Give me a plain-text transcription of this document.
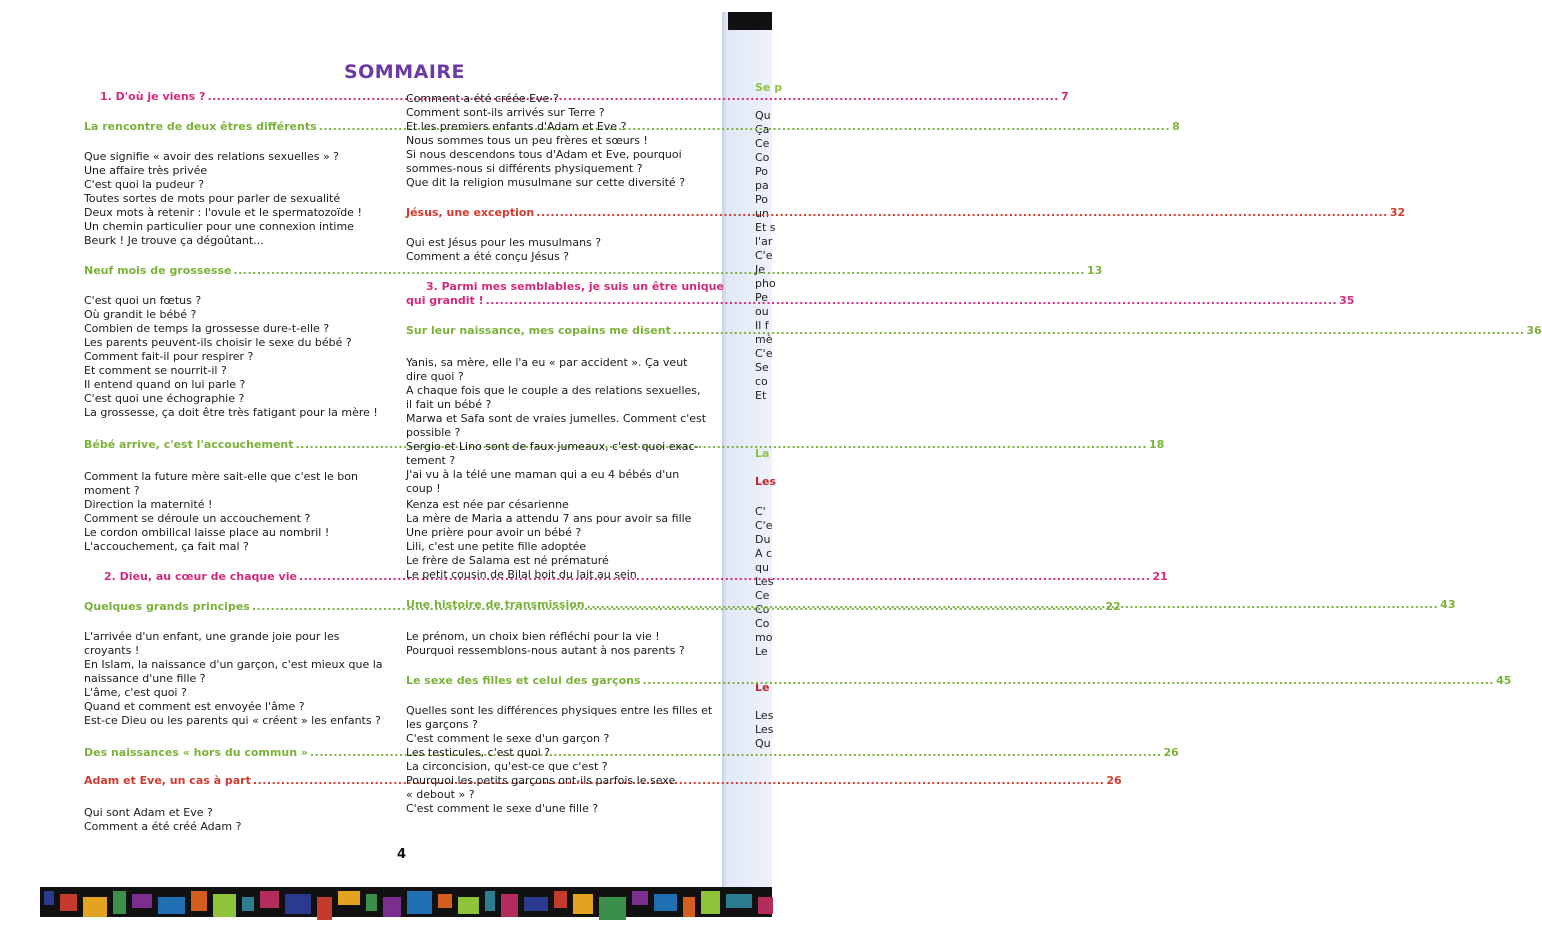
Se p
Qu
Ça
Ce
Co
Po
pa
Po
un
Et s
l'ar
C'e
Je
pho
Pe
ou
Il f
mè
C'e
Se
co
Et
La
Les
C'
C'e
Du
A c
qu
Les
Ce
Co
Co
mo
Le
Le
Les
Les
Qu
SOMMAIRE
1. D'où je viens ? .....	7
La rencontre de deux êtres différents .....	8
Que signifie « avoir des relations sexuelles » ?
Une affaire très privée
C'est quoi la pudeur ?
Toutes sortes de mots pour parler de sexualité
Deux mots à retenir : l'ovule et le spermatozoïde !
Un chemin particulier pour une connexion intime
Beurk ! Je trouve ça dégoûtant...
Neuf mois de grossesse .....	13
C'est quoi un fœtus ?
Où grandit le bébé ?
Combien de temps la grossesse dure-t-elle ?
Les parents peuvent-ils choisir le sexe du bébé ?
Comment fait-il pour respirer ?
Et comment se nourrit-il ?
Il entend quand on lui parle ?
C'est quoi une échographie ?
La grossesse, ça doit être très fatigant pour la mère !
Bébé arrive, c'est l'accouchement .....	18
Comment la future mère sait-elle que c'est le bon
moment ?
Direction la maternité !
Comment se déroule un accouchement ?
Le cordon ombilical laisse place au nombril !
L'accouchement, ça fait mal ?
2. Dieu, au cœur de chaque vie .....	21
Quelques grands principes .....	22
L'arrivée d'un enfant, une grande joie pour les
croyants !
En Islam, la naissance d'un garçon, c'est mieux que la
naissance d'une fille ?
L'âme, c'est quoi ?
Quand et comment est envoyée l'âme ?
Est-ce Dieu ou les parents qui « créent » les enfants ?
Des naissances « hors du commun » .....	26
Adam et Eve, un cas à part .....	26
Qui sont Adam et Eve ?
Comment a été créé Adam ?
Comment a été créée Eve ?
Comment sont-ils arrivés sur Terre ?
Et les premiers enfants d'Adam et Eve ?
Nous sommes tous un peu frères et sœurs !
Si nous descendons tous d'Adam et Eve, pourquoi
sommes-nous si différents physiquement ?
Que dit la religion musulmane sur cette diversité ?
Jésus, une exception .....	32
Qui est Jésus pour les musulmans ?
Comment a été conçu Jésus ?
3. Parmi mes semblables, je suis un être unique
qui grandit ! .....	35
Sur leur naissance, mes copains me disent .....	36
Yanis, sa mère, elle l'a eu « par accident ». Ça veut
dire quoi ?
A chaque fois que le couple a des relations sexuelles,
il fait un bébé ?
Marwa et Safa sont de vraies jumelles. Comment c'est
possible ?
Sergio et Lino sont de faux jumeaux, c'est quoi exac-
tement ?
J'ai vu à la télé une maman qui a eu 4 bébés d'un
coup !
Kenza est née par césarienne
La mère de Maria a attendu 7 ans pour avoir sa fille
Une prière pour avoir un bébé ?
Lili, c'est une petite fille adoptée
Le frère de Salama est né prématuré
Le petit cousin de Bilal boit du lait au sein
Une histoire de transmission .....	43
Le prénom, un choix bien réfléchi pour la vie !
Pourquoi ressemblons-nous autant à nos parents ?
Le sexe des filles et celui des garçons .....	45
Quelles sont les différences physiques entre les filles et
les garçons ?
C'est comment le sexe d'un garçon ?
Les testicules, c'est quoi ?
La circoncision, qu'est-ce que c'est ?
Pourquoi les petits garçons ont-ils parfois le sexe
« debout » ?
C'est comment le sexe d'une fille ?
4
